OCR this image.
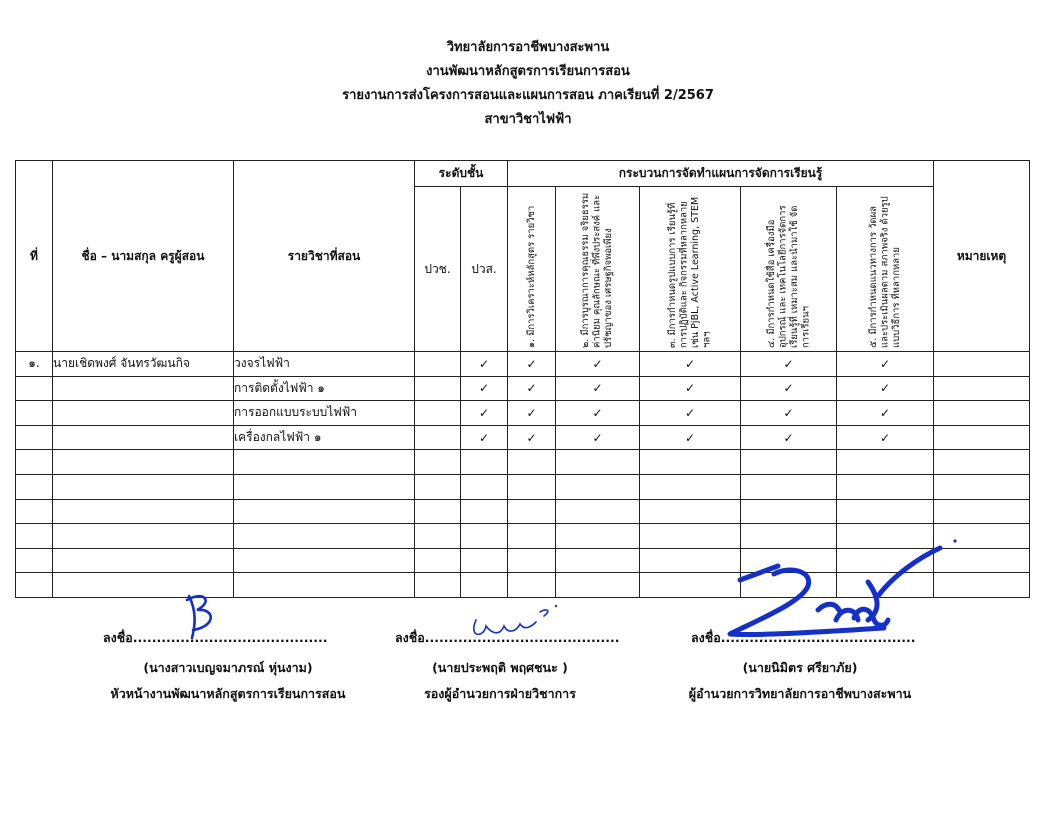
วิทยาลัยการอาชีพบางสะพาน
งานพัฒนาหลักสูตรการเรียนการสอน
รายงานการส่งโครงการสอนและแผนการสอน ภาคเรียนที่ 2/2567
สาขาวิชาไฟฟ้า
ที่	ชื่อ – นามสกุล ครูผู้สอน	รายวิชาที่สอน	ระดับชั้น		กระบวนการจัดทำแผนการจัดการเรียนรู้					หมายเหตุ
			ปวช.	ปวส.	๑. มีการวิเคราะห์หลักสูตร รายวิชา	๒. มีการบูรณาการคุณธรรม จริยธรรม ค่านิยม คุณลักษณะ ที่พึงประสงค์ และปรัชญาของ เศรษฐกิจพอเพียง	๓. มีการกำหนดรูปแบบการ เรียนรู้ที่การปฏิบัติและ กิจกรรมที่หลากหลาย เช่น PjBL, Active Learning, STEM ฯลฯ	๔. มีการกำหนดใช้สื่อ เครื่องมือ อุปกรณ์ และ เทคโนโลยีการจัดการเรียนรู้ที่ เหมาะสม และนำมาใช้ จัดการเรียนฯ	๕. มีการกำหนดแนวทางการ วัดผลและประเมินผลตาม สภาพจริง ด้วยรูปแบบวิธีการ ที่หลากหลาย	

๑.	นายเชิดพงศ์ จันทรวัฒนกิจ	วงจรไฟฟ้า		✓	✓	✓	✓	✓	✓	
		การติดตั้งไฟฟ้า ๑		✓	✓	✓	✓	✓	✓	
		การออกแบบระบบไฟฟ้า		✓	✓	✓	✓	✓	✓	
		เครื่องกลไฟฟ้า ๑		✓	✓	✓	✓	✓	✓	

ลงชื่อ.........................................
(นางสาวเบญจมาภรณ์ หุ่นงาม)
หัวหน้างานพัฒนาหลักสูตรการเรียนการสอน
ลงชื่อ.........................................
(นายประพฤติ พฤศชนะ )
รองผู้อำนวยการฝ่ายวิชาการ
ลงชื่อ.........................................
(นายนิมิตร ศรียาภัย)
ผู้อำนวยการวิทยาลัยการอาชีพบางสะพาน
